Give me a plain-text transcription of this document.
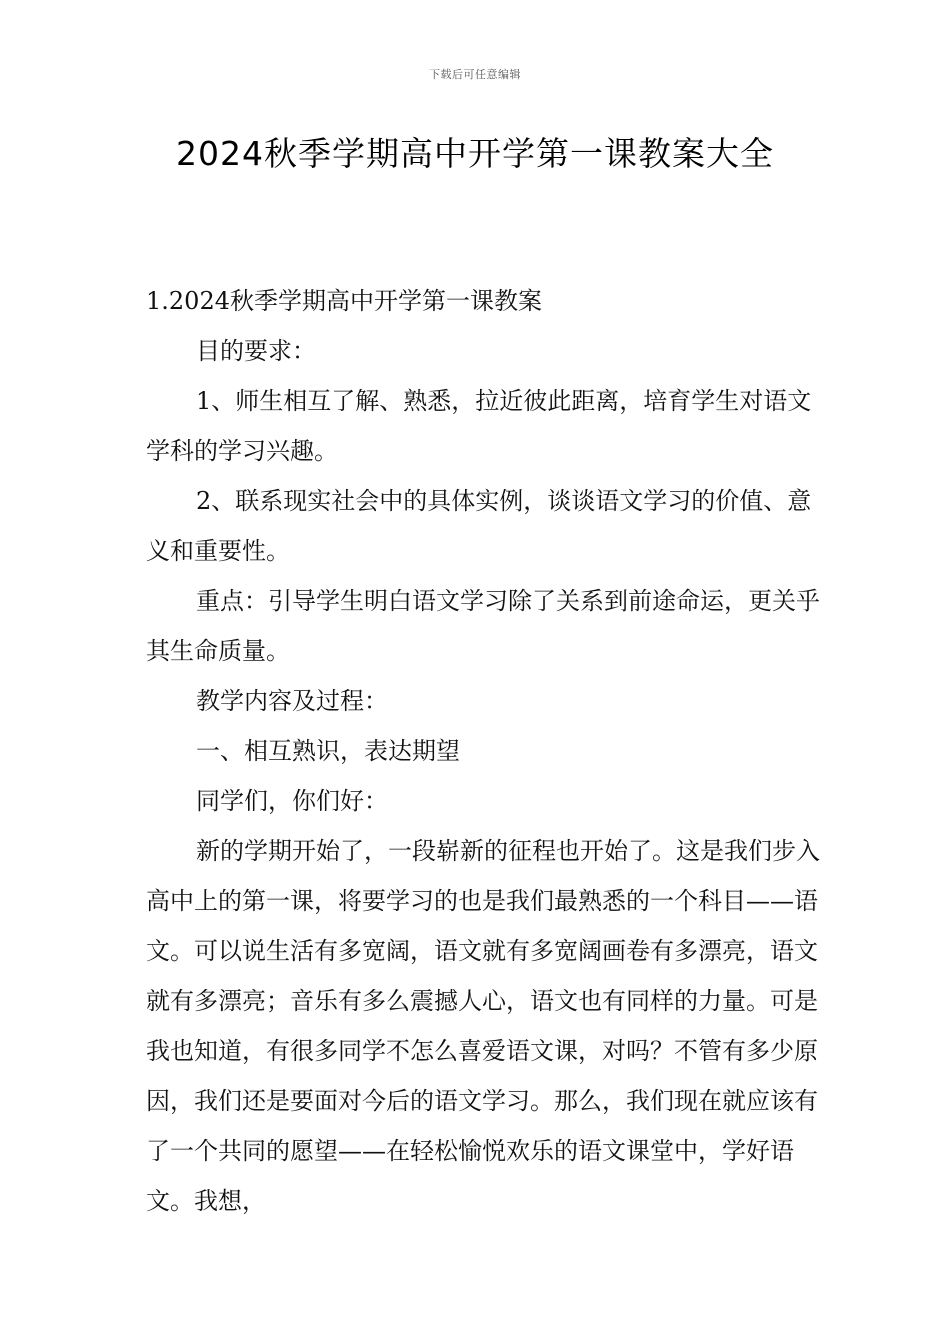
下载后可任意编辑
2024秋季学期高中开学第一课教案大全

1.2024秋季学期高中开学第一课教案

目的要求：

1、师生相互了解、熟悉，拉近彼此距离，培育学生对语文学科的学习兴趣。

2、联系现实社会中的具体实例，谈谈语文学习的价值、意义和重要性。

重点：引导学生明白语文学习除了关系到前途命运，更关乎其生命质量。

教学内容及过程：

一、相互熟识，表达期望

同学们，你们好：

新的学期开始了，一段崭新的征程也开始了。这是我们步入高中上的第一课，将要学习的也是我们最熟悉的一个科目——语文。可以说生活有多宽阔，语文就有多宽阔画卷有多漂亮，语文就有多漂亮；音乐有多么震撼人心，语文也有同样的力量。可是我也知道，有很多同学不怎么喜爱语文课，对吗？不管有多少原因，我们还是要面对今后的语文学习。那么，我们现在就应该有了一个共同的愿望——在轻松愉悦欢乐的语文课堂中，学好语文。我想，
